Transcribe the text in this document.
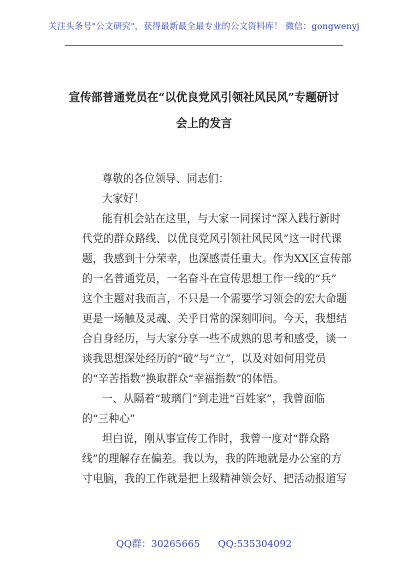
关注头条号"公文研究"，获得最新最全最专业的公文资料库！ 微信：gongwenyj
宣传部普通党员在“以优良党风引领社风民风”专题研讨
会上的发言
尊敬的各位领导、同志们：
大家好！
能有机会站在这里，与大家一同探讨“深入践行新时
代党的群众路线、以优良党风引领社风民风”这一时代课
题，我感到十分荣幸，也深感责任重大。作为XX区宣传部
的一名普通党员，一名奋斗在宣传思想工作一线的“兵”
这个主题对我而言，不只是一个需要学习领会的宏大命题
更是一场触及灵魂、关乎日常的深刻叩问。今天，我想结
合自身经历，与大家分享一些不成熟的思考和感受，谈一
谈我思想深处经历的“破”与“立”，以及对如何用党员
的“辛苦指数”换取群众“幸福指数”的体悟。
一、从隔着“玻璃门”到走进“百姓家”，我曾面临
的“三种心”
坦白说，刚从事宣传工作时，我曾一度对“群众路
线”的理解存在偏差。我以为，我的阵地就是办公室的方
寸电脑，我的工作就是把上级精神领会好、把活动报道写
QQ群：30265665 QQ:535304092
